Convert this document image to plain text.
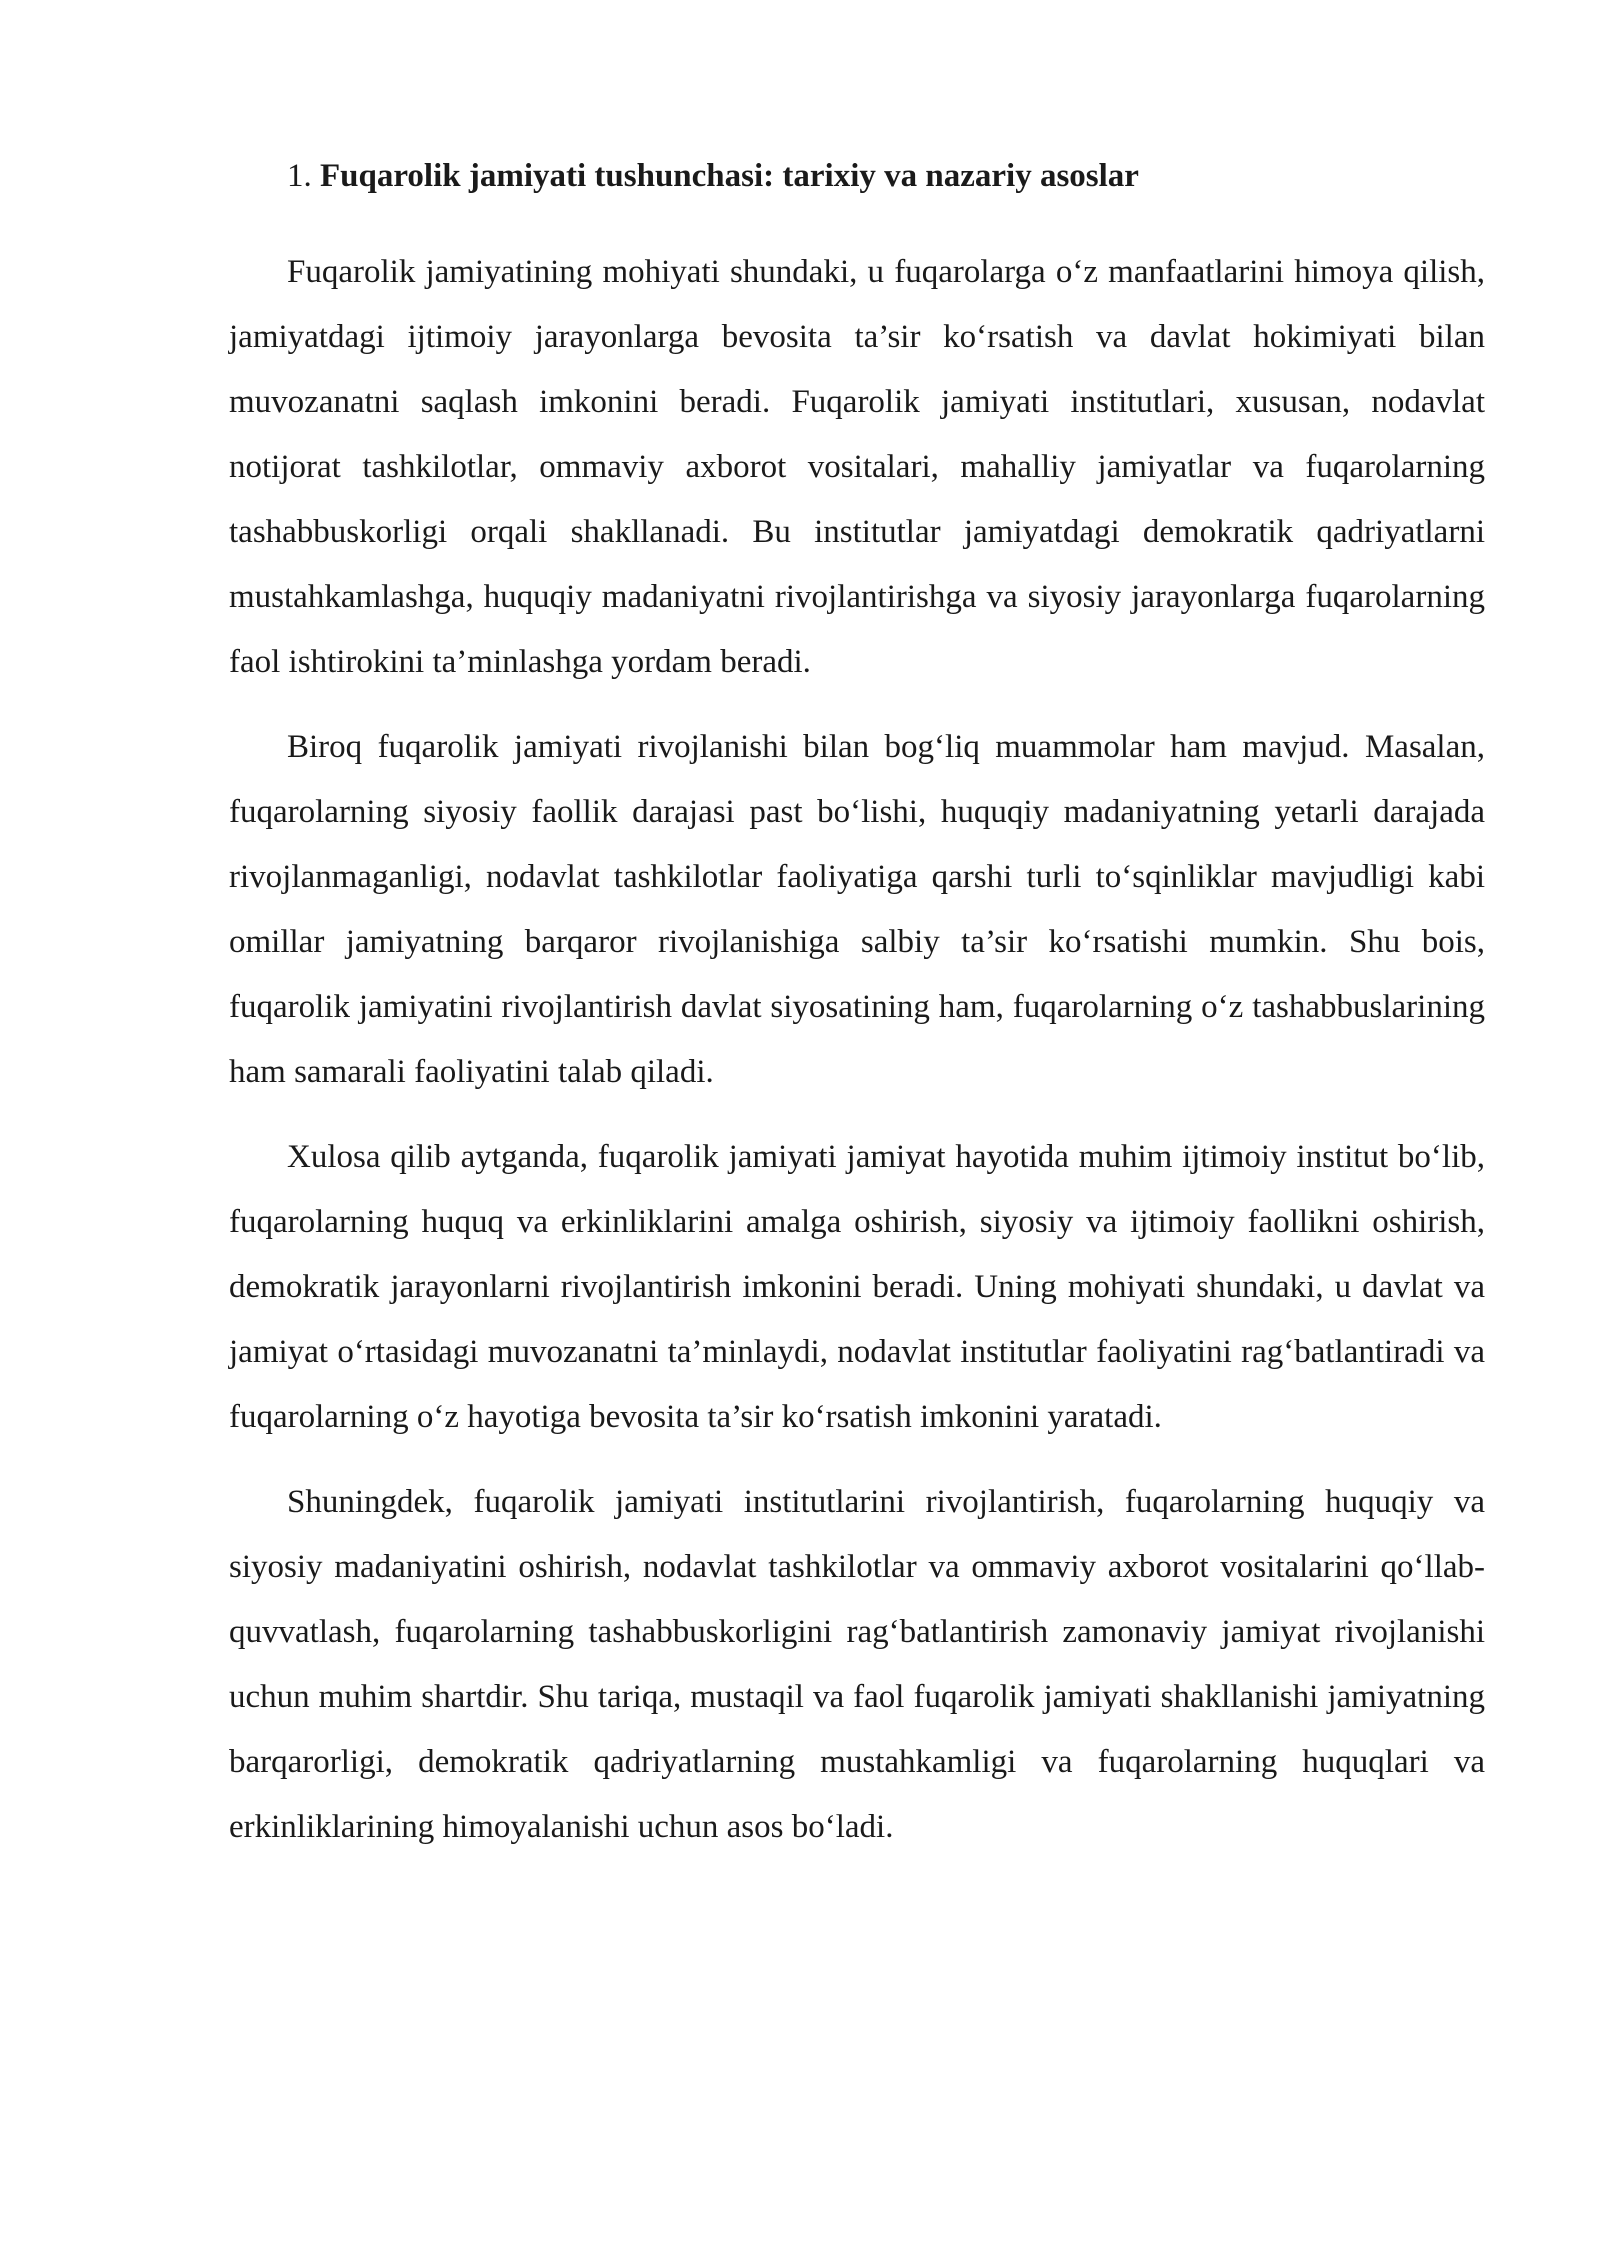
1. Fuqarolik jamiyati tushunchasi: tarixiy va nazariy asoslar

Fuqarolik jamiyatining mohiyati shundaki, u fuqarolarga o‘z manfaatlarini himoya qilish, jamiyatdagi ijtimoiy jarayonlarga bevosita ta’sir ko‘rsatish va davlat hokimiyati bilan muvozanatni saqlash imkonini beradi. Fuqarolik jamiyati institutlari, xususan, nodavlat notijorat tashkilotlar, ommaviy axborot vositalari, mahalliy jamiyatlar va fuqarolarning tashabbuskorligi orqali shakllanadi. Bu institutlar jamiyatdagi demokratik qadriyatlarni mustahkamlashga, huquqiy madaniyatni rivojlantirishga va siyosiy jarayonlarga fuqarolarning faol ishtirokini ta’minlashga yordam beradi.

Biroq fuqarolik jamiyati rivojlanishi bilan bog‘liq muammolar ham mavjud. Masalan, fuqarolarning siyosiy faollik darajasi past bo‘lishi, huquqiy madaniyatning yetarli darajada rivojlanmaganligi, nodavlat tashkilotlar faoliyatiga qarshi turli to‘sqinliklar mavjudligi kabi omillar jamiyatning barqaror rivojlanishiga salbiy ta’sir ko‘rsatishi mumkin. Shu bois, fuqarolik jamiyatini rivojlantirish davlat siyosatining ham, fuqarolarning o‘z tashabbuslarining ham samarali faoliyatini talab qiladi.

Xulosa qilib aytganda, fuqarolik jamiyati jamiyat hayotida muhim ijtimoiy institut bo‘lib, fuqarolarning huquq va erkinliklarini amalga oshirish, siyosiy va ijtimoiy faollikni oshirish, demokratik jarayonlarni rivojlantirish imkonini beradi. Uning mohiyati shundaki, u davlat va jamiyat o‘rtasidagi muvozanatni ta’minlaydi, nodavlat institutlar faoliyatini rag‘batlantiradi va fuqarolarning o‘z hayotiga bevosita ta’sir ko‘rsatish imkonini yaratadi.

Shuningdek, fuqarolik jamiyati institutlarini rivojlantirish, fuqarolarning huquqiy va siyosiy madaniyatini oshirish, nodavlat tashkilotlar va ommaviy axborot vositalarini qo‘llab-quvvatlash, fuqarolarning tashabbuskorligini rag‘batlantirish zamonaviy jamiyat rivojlanishi uchun muhim shartdir. Shu tariqa, mustaqil va faol fuqarolik jamiyati shakllanishi jamiyatning barqarorligi, demokratik qadriyatlarning mustahkamligi va fuqarolarning huquqlari va erkinliklarining himoyalanishi uchun asos bo‘ladi.
